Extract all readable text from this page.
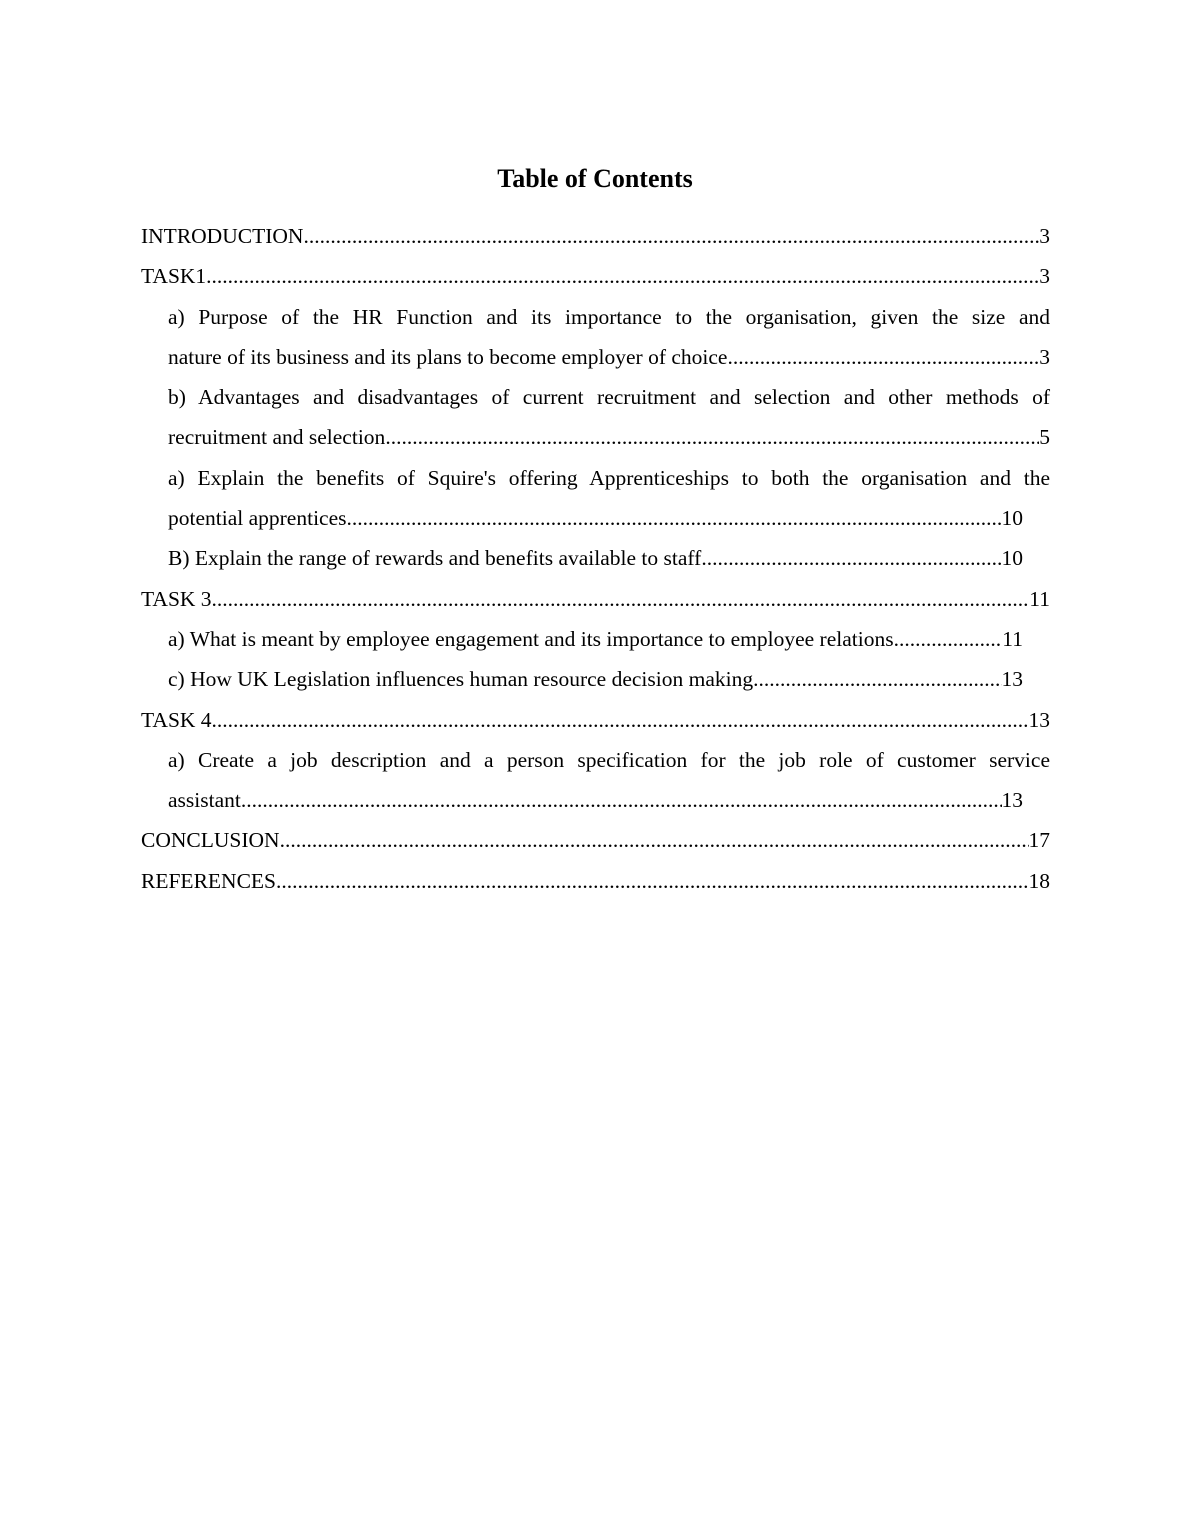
Table of Contents
INTRODUCTION .....	3
TASK1 .....	3
a) Purpose of the HR Function and its importance to the organisation, given the size and
nature of its business and its plans to become employer of choice .....	3
b) Advantages and disadvantages of current recruitment and selection and other methods of
recruitment and selection .....	5
a) Explain the benefits of Squire's offering Apprenticeships to both the organisation and the
potential apprentices .....	10
B) Explain the range of rewards and benefits available to staff .....	10
TASK 3 .....	11
a) What is meant by employee engagement and its importance to employee relations .....	11
c) How UK Legislation influences human resource decision making .....	13
TASK 4 .....	13
a) Create a job description and a person specification for the job role of customer service
assistant .....	13
CONCLUSION .....	17
REFERENCES .....	18
